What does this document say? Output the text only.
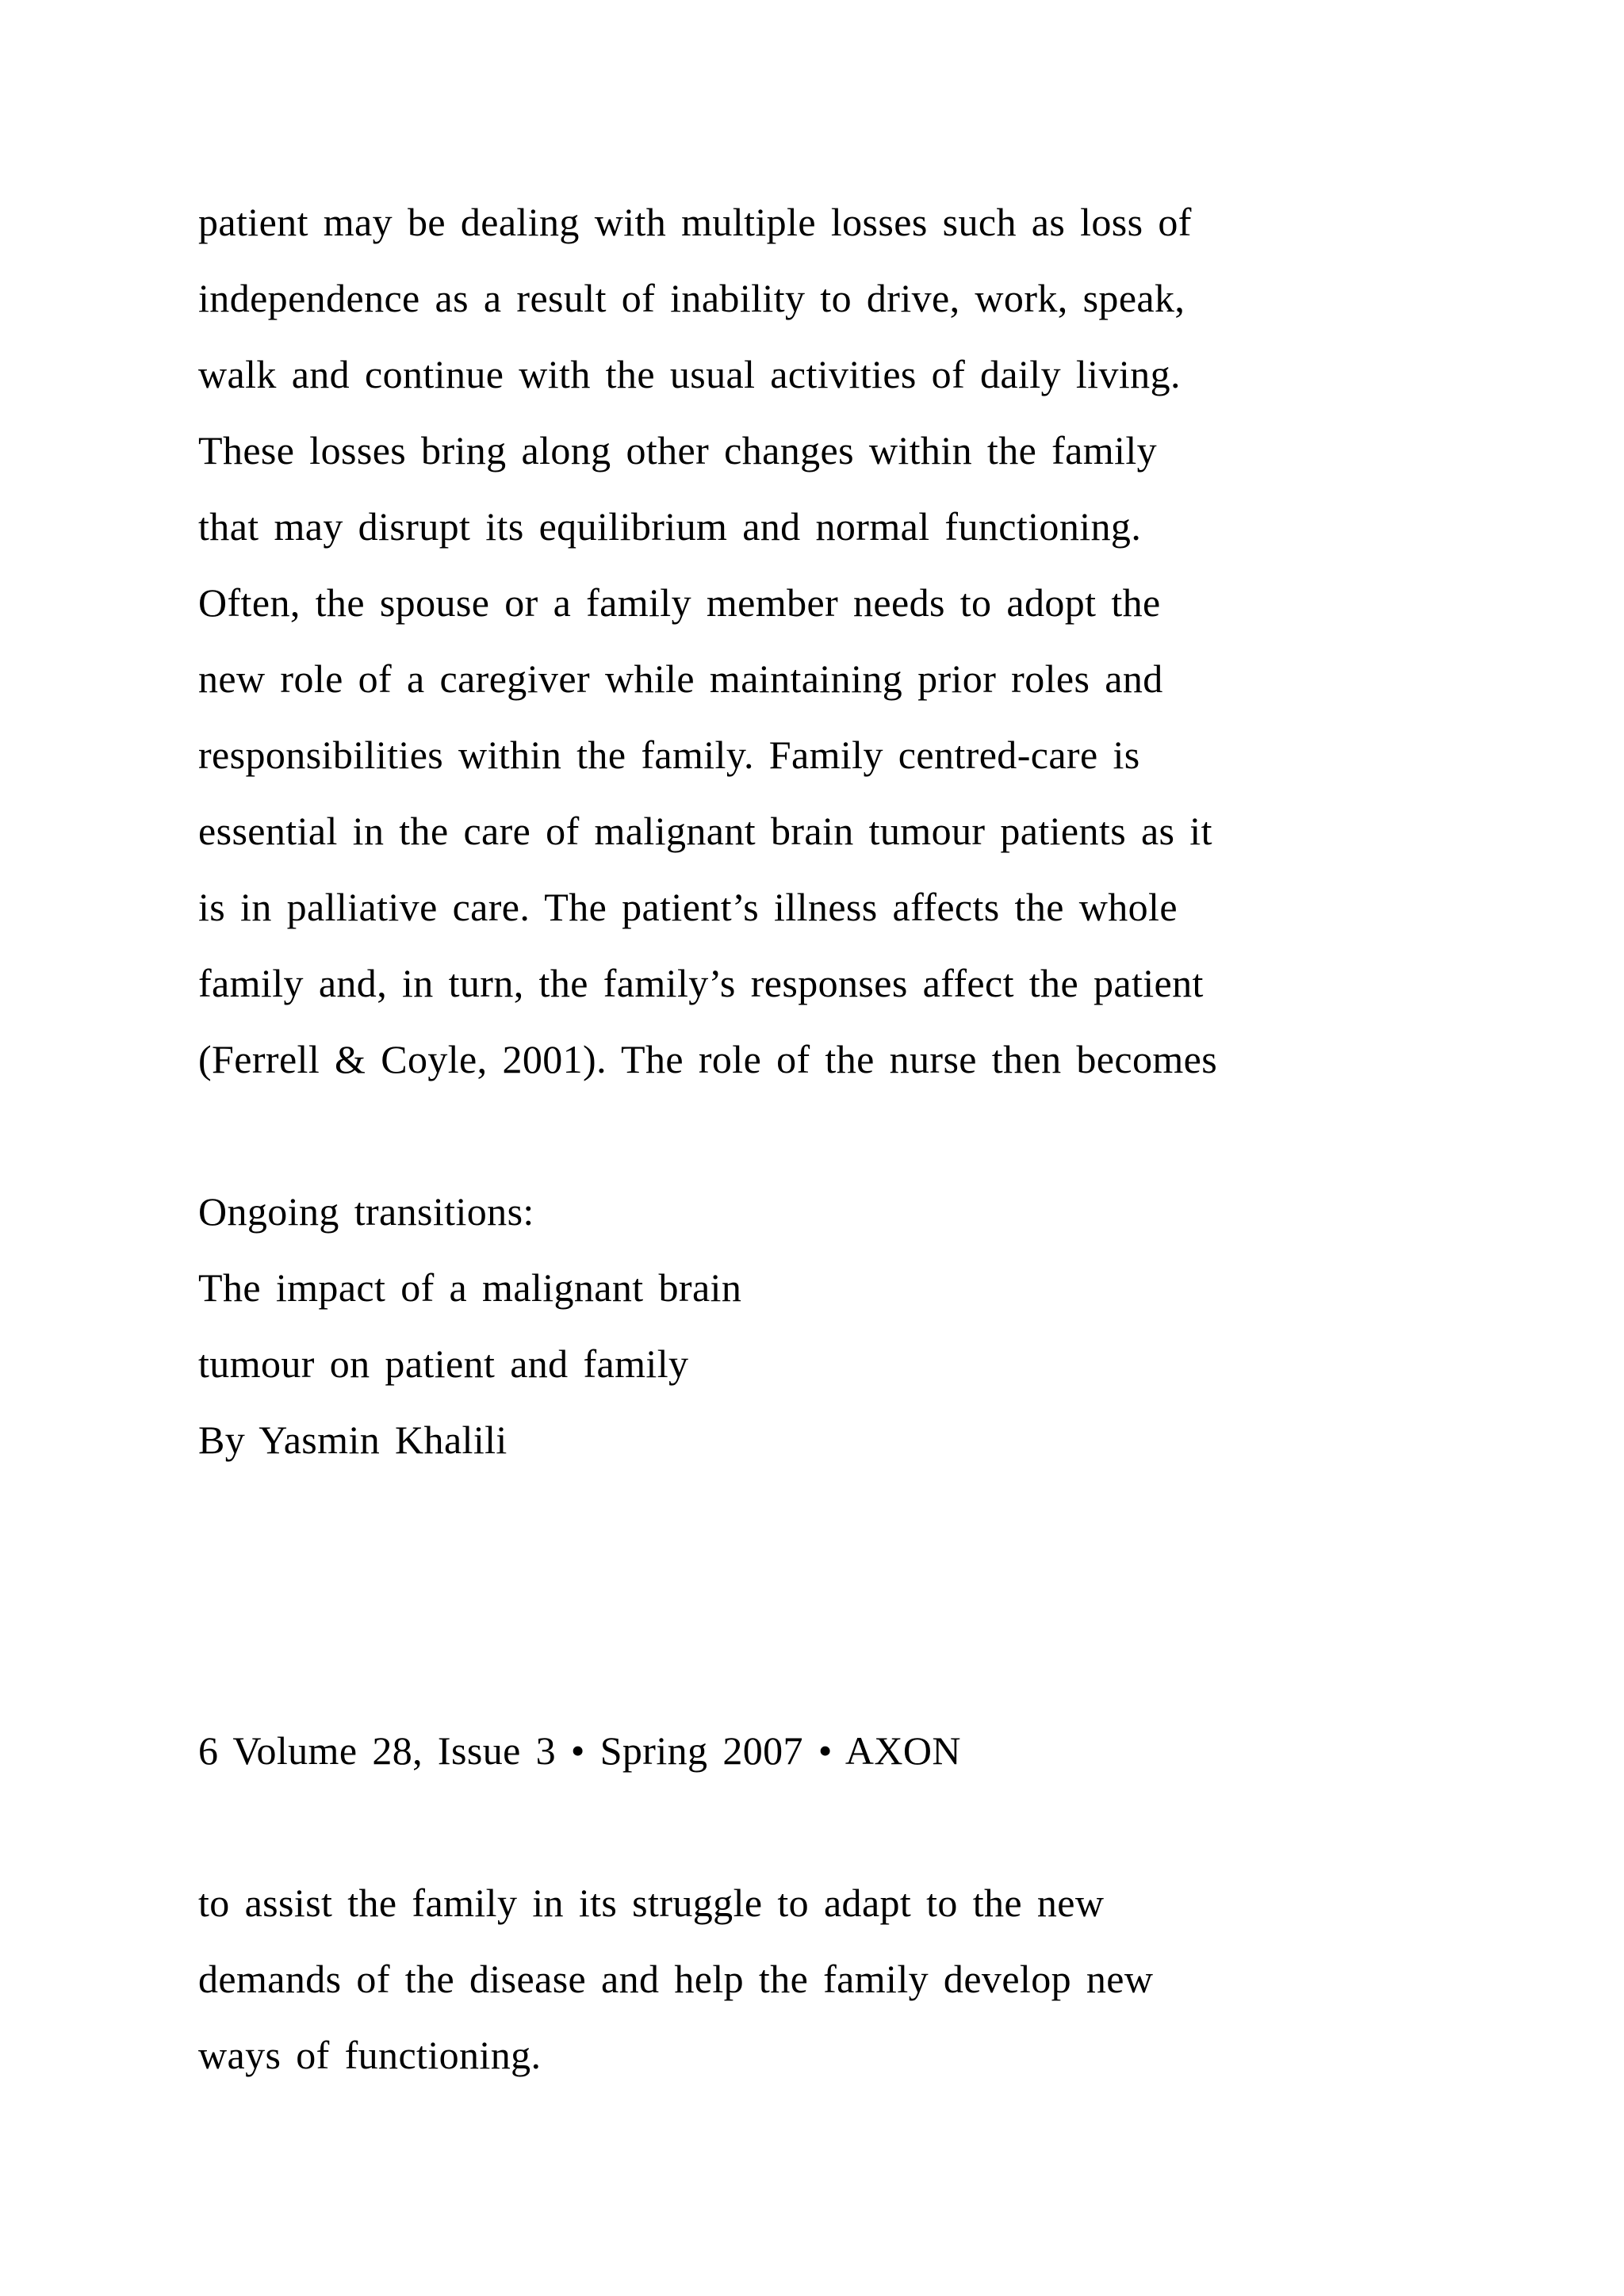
patient may be dealing with multiple losses such as loss of
independence as a result of inability to drive, work, speak,
walk and continue with the usual activities of daily living.
These losses bring along other changes within the family
that may disrupt its equilibrium and normal functioning.
Often, the spouse or a family member needs to adopt the
new role of a caregiver while maintaining prior roles and
responsibilities within the family. Family centred-care is
essential in the care of malignant brain tumour patients as it
is in palliative care. The patient’s illness affects the whole
family and, in turn, the family’s responses affect the patient
(Ferrell & Coyle, 2001). The role of the nurse then becomes
Ongoing transitions:
The impact of a malignant brain
tumour on patient and family
By Yasmin Khalili
6 Volume 28, Issue 3 • Spring 2007 • AXON
to assist the family in its struggle to adapt to the new
demands of the disease and help the family develop new
ways of functioning.
